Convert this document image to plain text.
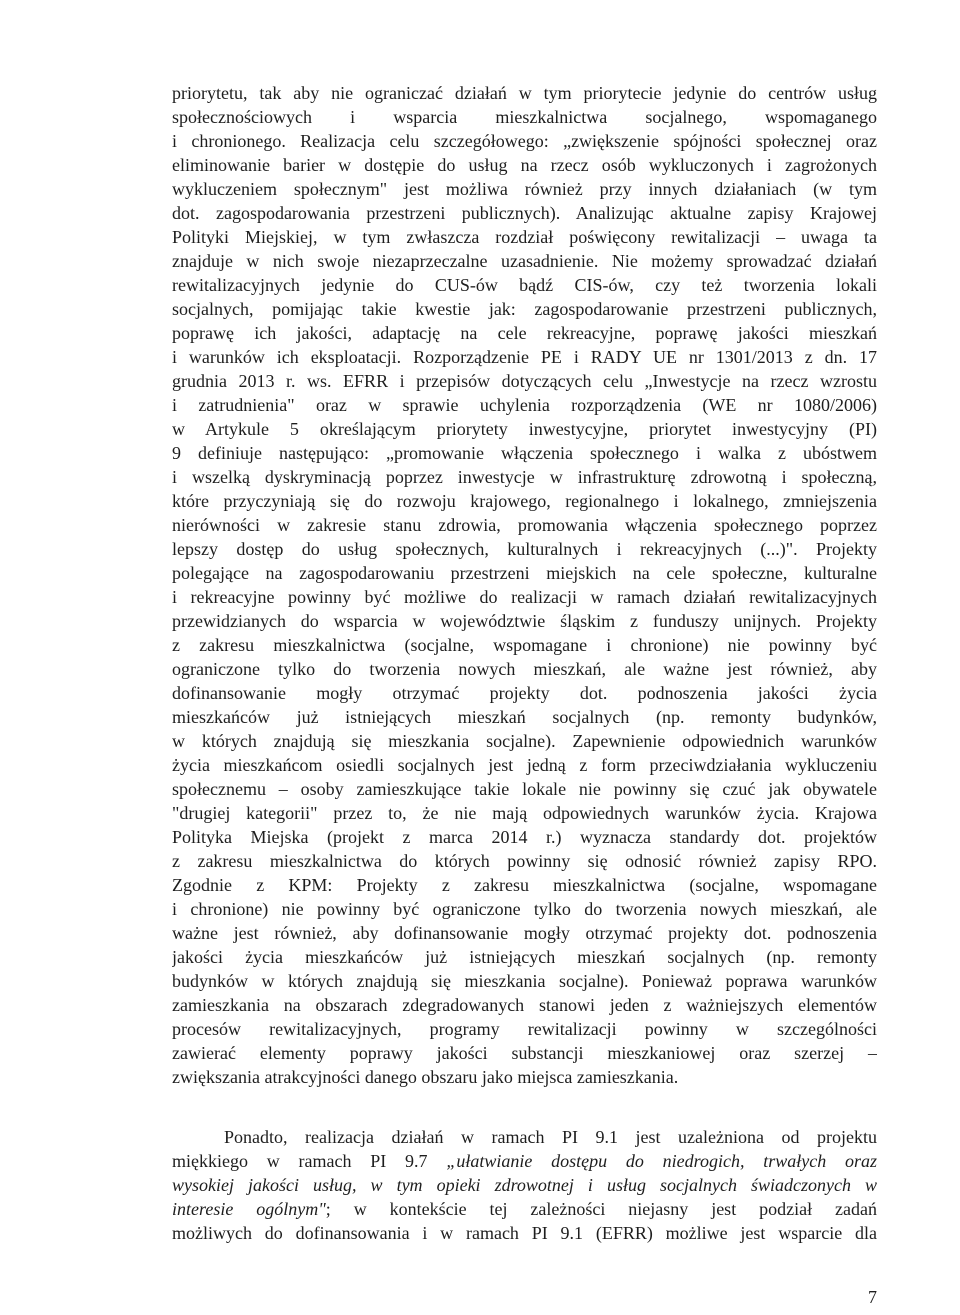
priorytetu, tak aby nie ograniczać działań w tym priorytecie jedynie do centrów usług

społecznościowych i wsparcia mieszkalnictwa socjalnego, wspomaganego

i chronionego. Realizacja celu szczegółowego: „zwiększenie spójności społecznej oraz

eliminowanie barier w dostępie do usług na rzecz osób wykluczonych i zagrożonych

wykluczeniem społecznym" jest możliwa również przy innych działaniach (w tym

dot. zagospodarowania przestrzeni publicznych). Analizując aktualne zapisy Krajowej

Polityki Miejskiej, w tym zwłaszcza rozdział poświęcony rewitalizacji – uwaga ta

znajduje w nich swoje niezaprzeczalne uzasadnienie. Nie możemy sprowadzać działań

rewitalizacyjnych jedynie do CUS-ów bądź CIS-ów, czy też tworzenia lokali

socjalnych, pomijając takie kwestie jak: zagospodarowanie przestrzeni publicznych,

poprawę ich jakości, adaptację na cele rekreacyjne, poprawę jakości mieszkań

i warunków ich eksploatacji. Rozporządzenie PE i RADY UE nr 1301/2013 z dn. 17

grudnia 2013 r. ws. EFRR i przepisów dotyczących celu „Inwestycje na rzecz wzrostu

i zatrudnienia" oraz w sprawie uchylenia rozporządzenia (WE nr 1080/2006)

w Artykule 5 określającym priorytety inwestycyjne, priorytet inwestycyjny (PI)

9 definiuje następująco: „promowanie włączenia społecznego i walka z ubóstwem

i wszelką dyskryminacją poprzez inwestycje w infrastrukturę zdrowotną i społeczną,

które przyczyniają się do rozwoju krajowego, regionalnego i lokalnego, zmniejszenia

nierówności w zakresie stanu zdrowia, promowania włączenia społecznego poprzez

lepszy dostęp do usług społecznych, kulturalnych i rekreacyjnych (...)". Projekty

polegające na zagospodarowaniu przestrzeni miejskich na cele społeczne, kulturalne

i rekreacyjne powinny być możliwe do realizacji w ramach działań rewitalizacyjnych

przewidzianych do wsparcia w województwie śląskim z funduszy unijnych. Projekty

z zakresu mieszkalnictwa (socjalne, wspomagane i chronione) nie powinny być

ograniczone tylko do tworzenia nowych mieszkań, ale ważne jest również, aby

dofinansowanie mogły otrzymać projekty dot. podnoszenia jakości życia

mieszkańców już istniejących mieszkań socjalnych (np. remonty budynków,

w których znajdują się mieszkania socjalne). Zapewnienie odpowiednich warunków

życia mieszkańcom osiedli socjalnych jest jedną z form przeciwdziałania wykluczeniu

społecznemu – osoby zamieszkujące takie lokale nie powinny się czuć jak obywatele

"drugiej kategorii" przez to, że nie mają odpowiednych warunków życia. Krajowa

Polityka Miejska (projekt z marca 2014 r.) wyznacza standardy dot. projektów

z zakresu mieszkalnictwa do których powinny się odnosić również zapisy RPO.

Zgodnie z KPM: Projekty z zakresu mieszkalnictwa (socjalne, wspomagane

i chronione) nie powinny być ograniczone tylko do tworzenia nowych mieszkań, ale

ważne jest również, aby dofinansowanie mogły otrzymać projekty dot. podnoszenia

jakości życia mieszkańców już istniejących mieszkań socjalnych (np. remonty

budynków w których znajdują się mieszkania socjalne). Ponieważ poprawa warunków

zamieszkania na obszarach zdegradowanych stanowi jeden z ważniejszych elementów

procesów rewitalizacyjnych, programy rewitalizacji powinny w szczególności

zawierać elementy poprawy jakości substancji mieszkaniowej oraz szerzej –

zwiększania atrakcyjności danego obszaru jako miejsca zamieszkania.

Ponadto, realizacja działań w ramach PI 9.1 jest uzależniona od projektu

miękkiego w ramach PI 9.7 „ułatwianie dostępu do niedrogich, trwałych oraz

wysokiej jakości usług, w tym opieki zdrowotnej i usług socjalnych świadczonych w

interesie ogólnym"; w kontekście tej zależności niejasny jest podział zadań

możliwych do dofinansowania i w ramach PI 9.1 (EFRR) możliwe jest wsparcie dla

7
